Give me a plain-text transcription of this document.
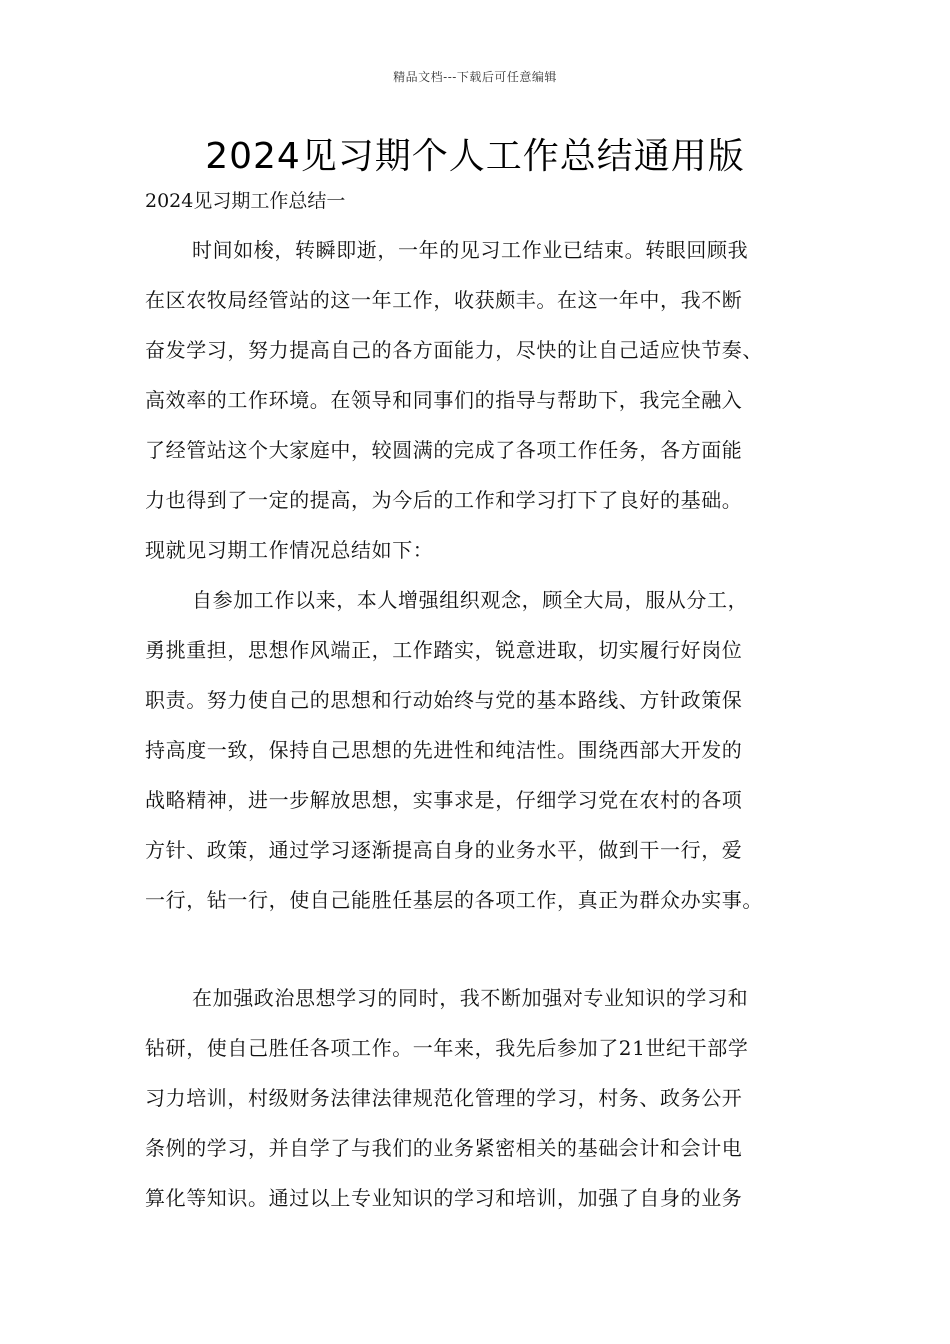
精品文档---下载后可任意编辑
2024见习期个人工作总结通用版
2024见习期工作总结一
时间如梭，转瞬即逝，一年的见习工作业已结束。转眼回顾我
在区农牧局经管站的这一年工作，收获颇丰。在这一年中，我不断
奋发学习，努力提高自己的各方面能力，尽快的让自己适应快节奏、
高效率的工作环境。在领导和同事们的指导与帮助下，我完全融入
了经管站这个大家庭中，较圆满的完成了各项工作任务，各方面能
力也得到了一定的提高，为今后的工作和学习打下了良好的基础。
现就见习期工作情况总结如下：
自参加工作以来，本人增强组织观念，顾全大局，服从分工，
勇挑重担，思想作风端正，工作踏实，锐意进取，切实履行好岗位
职责。努力使自己的思想和行动始终与党的基本路线、方针政策保
持高度一致，保持自己思想的先进性和纯洁性。围绕西部大开发的
战略精神，进一步解放思想，实事求是，仔细学习党在农村的各项
方针、政策，通过学习逐渐提高自身的业务水平，做到干一行，爱
一行，钻一行，使自己能胜任基层的各项工作，真正为群众办实事。
在加强政治思想学习的同时，我不断加强对专业知识的学习和
钻研，使自己胜任各项工作。一年来，我先后参加了21世纪干部学
习力培训，村级财务法律法律规范化管理的学习，村务、政务公开
条例的学习，并自学了与我们的业务紧密相关的基础会计和会计电
算化等知识。通过以上专业知识的学习和培训，加强了自身的业务
